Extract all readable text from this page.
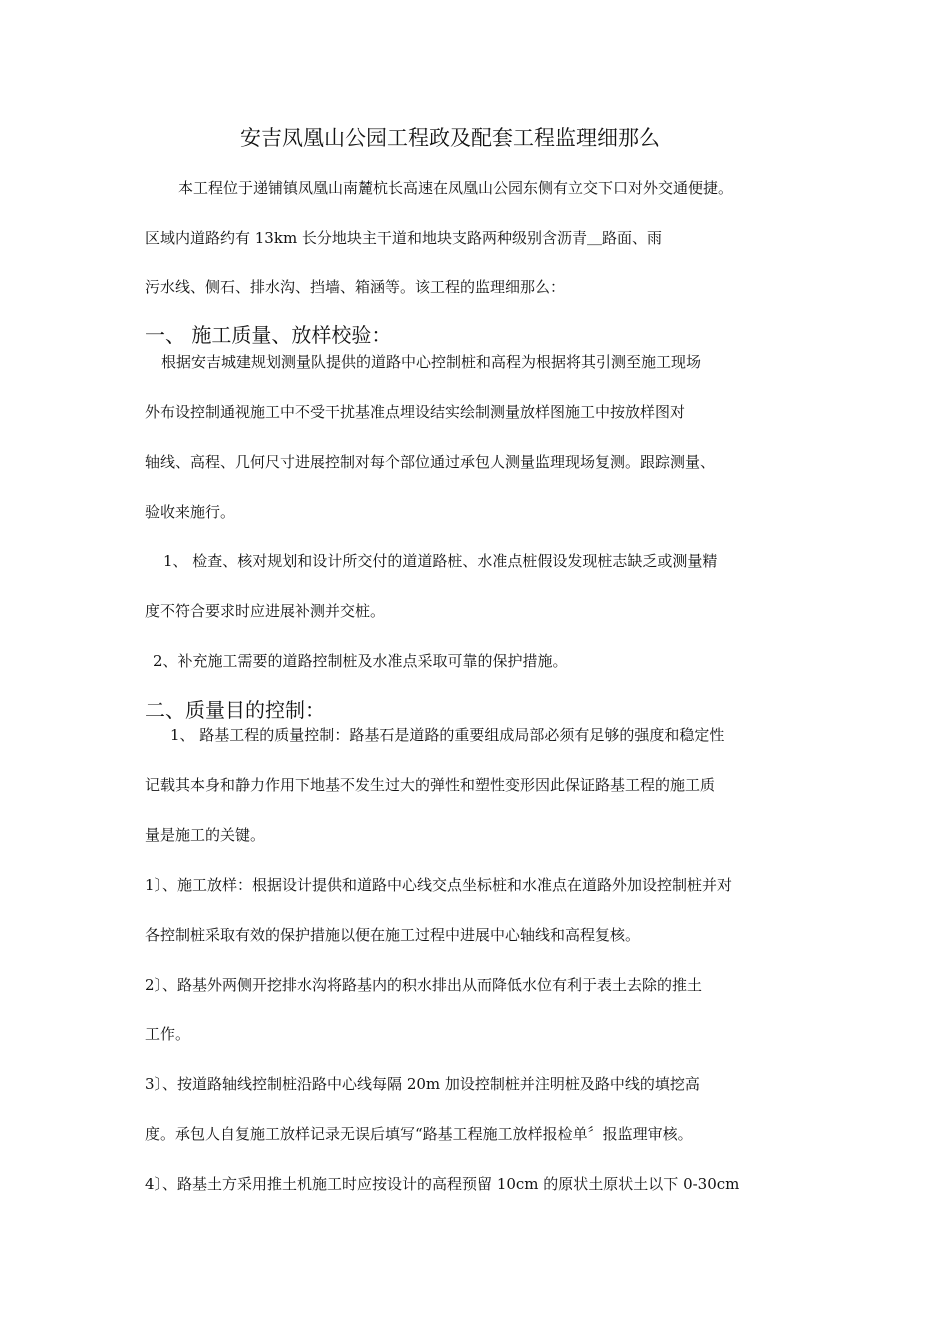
安吉凤凰山公园工程政及配套工程监理细那么
本工程位于递铺镇凤凰山南麓杭长高速在凤凰山公园东侧有立交下口对外交通便捷。
区域内道路约有 13km 长分地块主干道和地块支路两种级别含沥青＿路面、雨
污水线、侧石、排水沟、挡墙、箱涵等。该工程的监理细那么：
一、 施工质量、放样校验：
根据安吉城建规划测量队提供的道路中心控制桩和高程为根据将其引测至施工现场
外布设控制通视施工中不受干扰基准点埋设结实绘制测量放样图施工中按放样图对
轴线、高程、几何尺寸进展控制对每个部位通过承包人测量监理现场复测。跟踪测量、
验收来施行。
1、 检查、核对规划和设计所交付的道道路桩、水准点桩假设发现桩志缺乏或测量精
度不符合要求时应进展补测并交桩。
2、补充施工需要的道路控制桩及水准点采取可靠的保护措施。
二、质量目的控制：
1、 路基工程的质量控制：路基石是道路的重要组成局部必须有足够的强度和稳定性
记载其本身和静力作用下地基不发生过大的弹性和塑性变形因此保证路基工程的施工质
量是施工的关键。
1〕、施工放样：根据设计提供和道路中心线交点坐标桩和水准点在道路外加设控制桩并对
各控制桩采取有效的保护措施以便在施工过程中进展中心轴线和高程复核。
2〕、路基外两侧开挖排水沟将路基内的积水排出从而降低水位有利于表土去除的推土
工作。
3〕、按道路轴线控制桩沿路中心线每隔 20m 加设控制桩并注明桩及路中线的填挖高
度。承包人自复施工放样记录无误后填写“路基工程施工放样报检单〞报监理审核。
4〕、路基土方采用推土机施工时应按设计的高程预留 10cm 的原状土原状土以下 0-30cm
